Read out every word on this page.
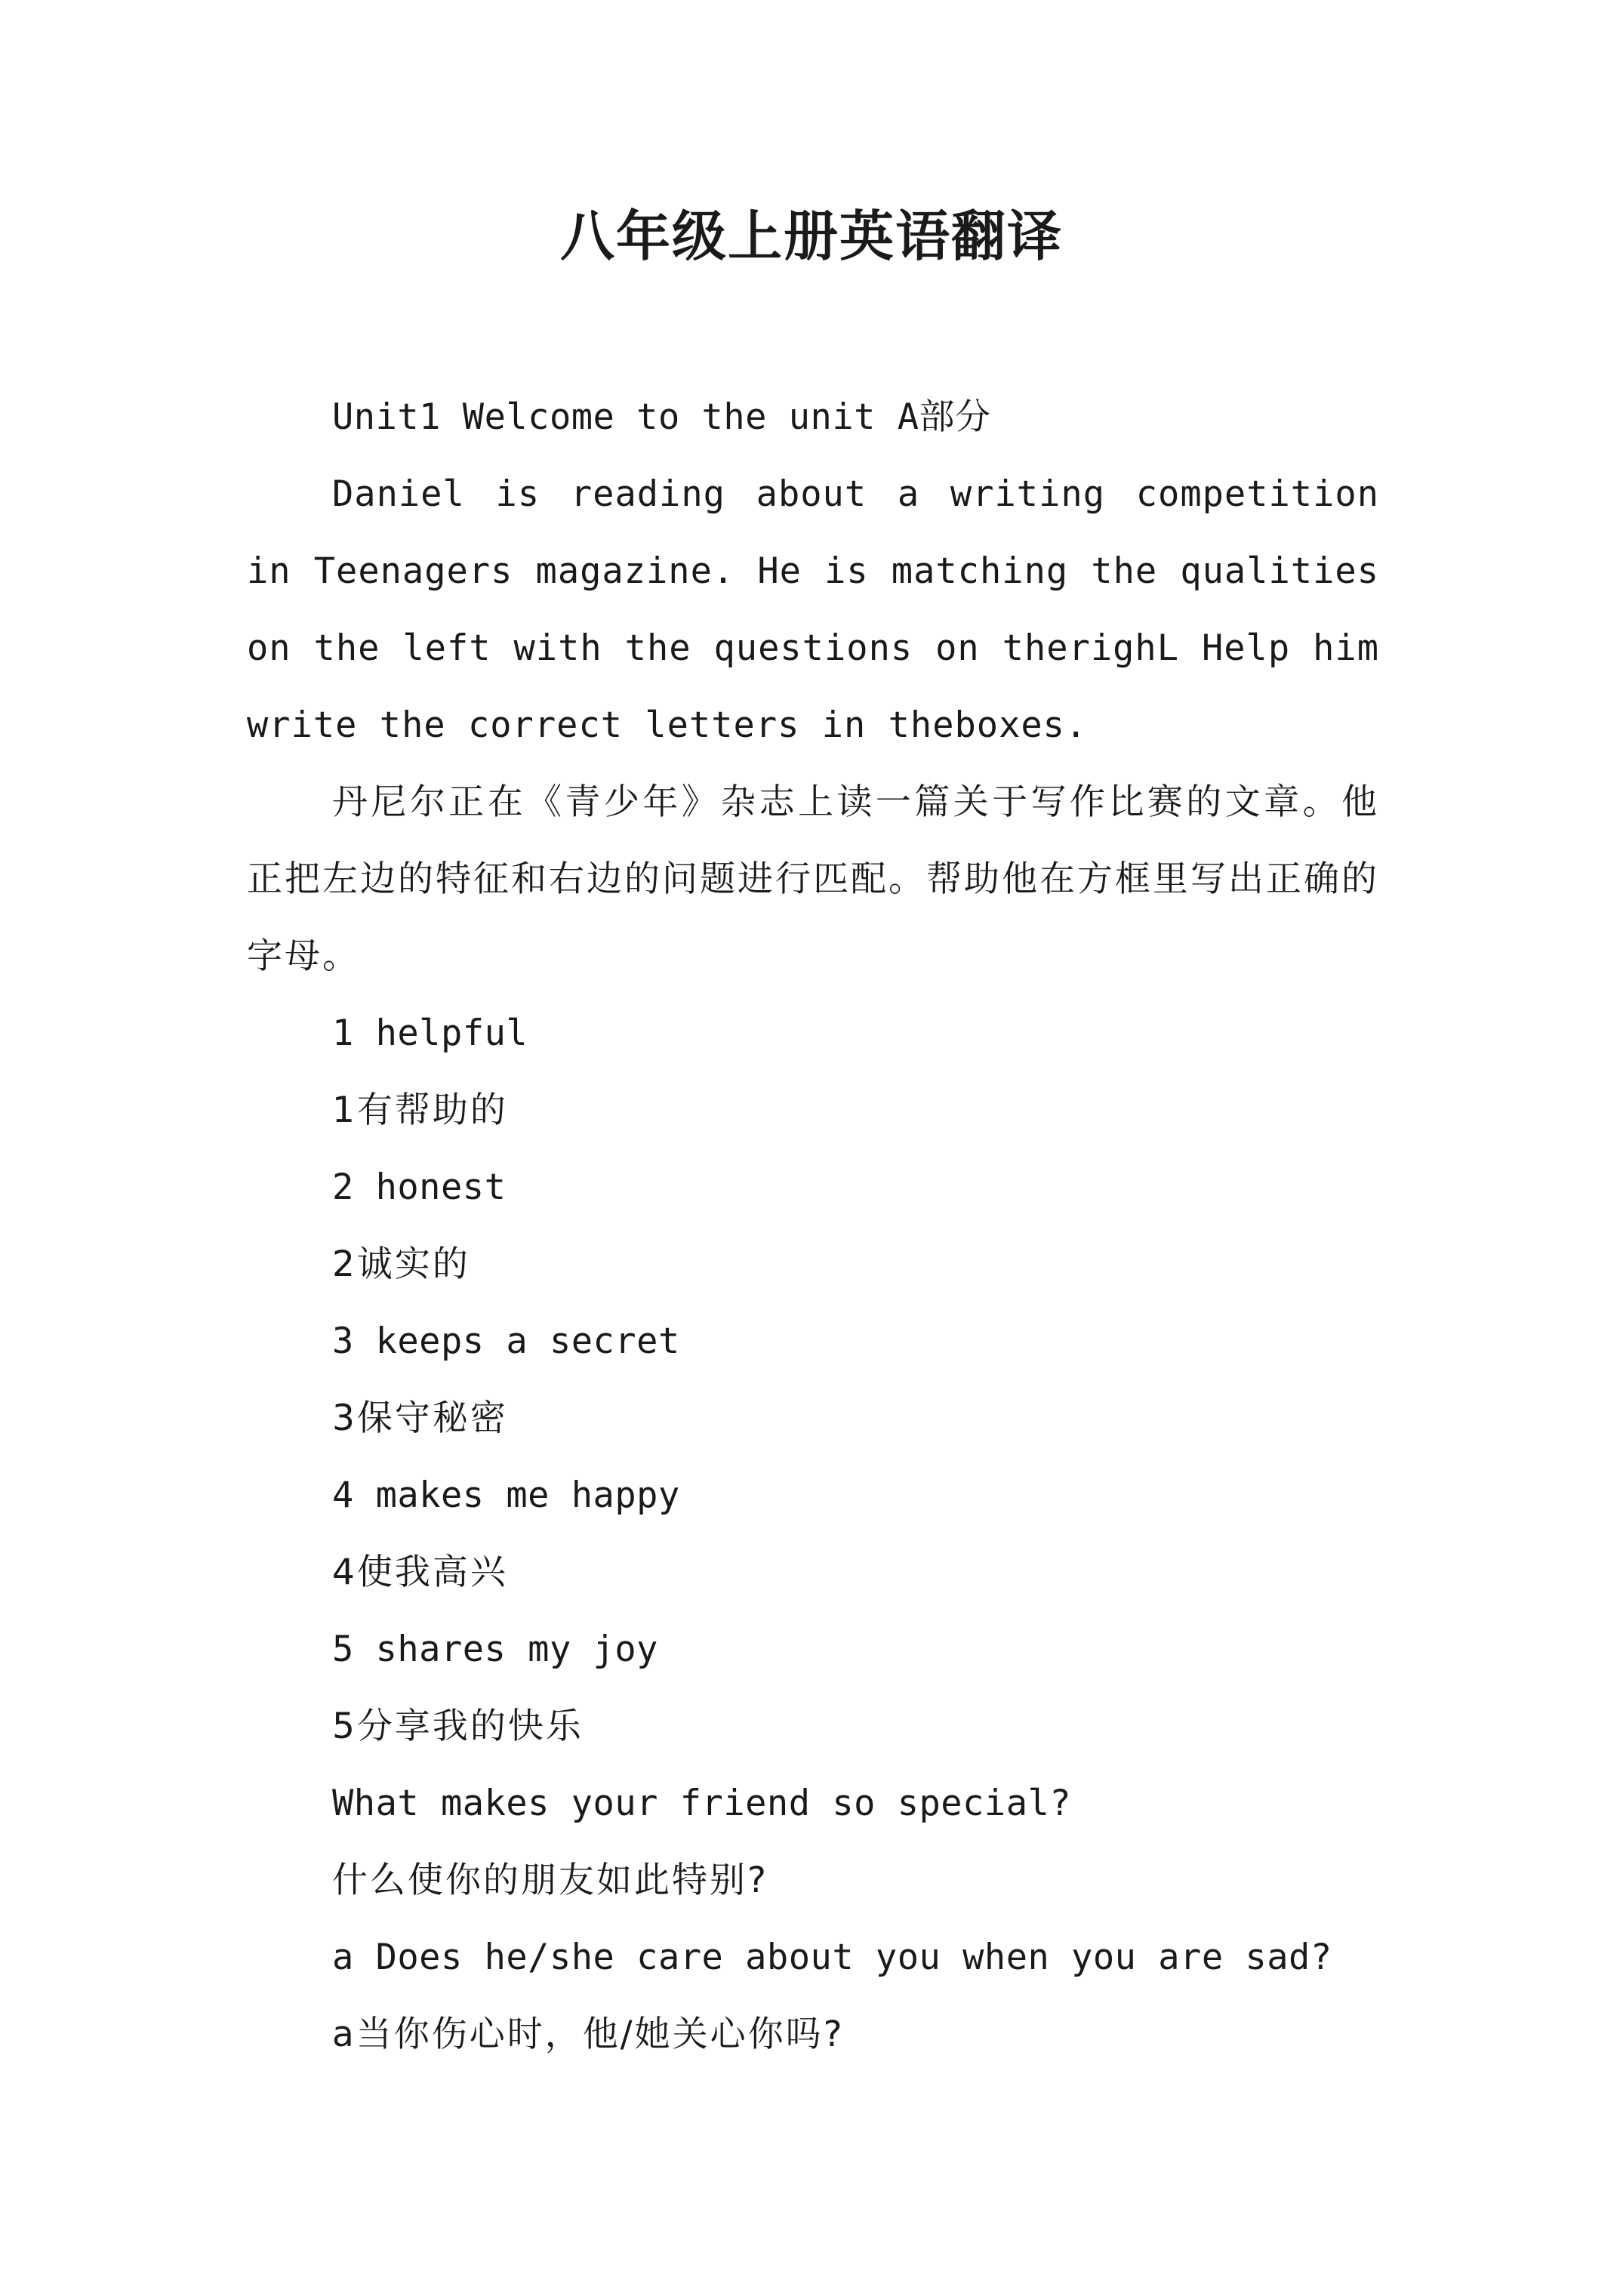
八年级上册英语翻译

Unit1 Welcome to the unit A部分

Daniel is reading about a writing competition in Teenagers magazine. He is matching the qualities on the left with the questions on therighL Help him write the correct letters in theboxes.

丹尼尔正在《青少年》杂志上读一篇关于写作比赛的文章。他正把左边的特征和右边的问题进行匹配。帮助他在方框里写出正确的字母。

1 helpful

1有帮助的

2 honest

2诚实的

3 keeps a secret

3保守秘密

4 makes me happy

4使我高兴

5 shares my joy

5分享我的快乐

What makes your friend so special?

什么使你的朋友如此特别?

a Does he/she care about you when you are sad?

a当你伤心时，他/她关心你吗?
